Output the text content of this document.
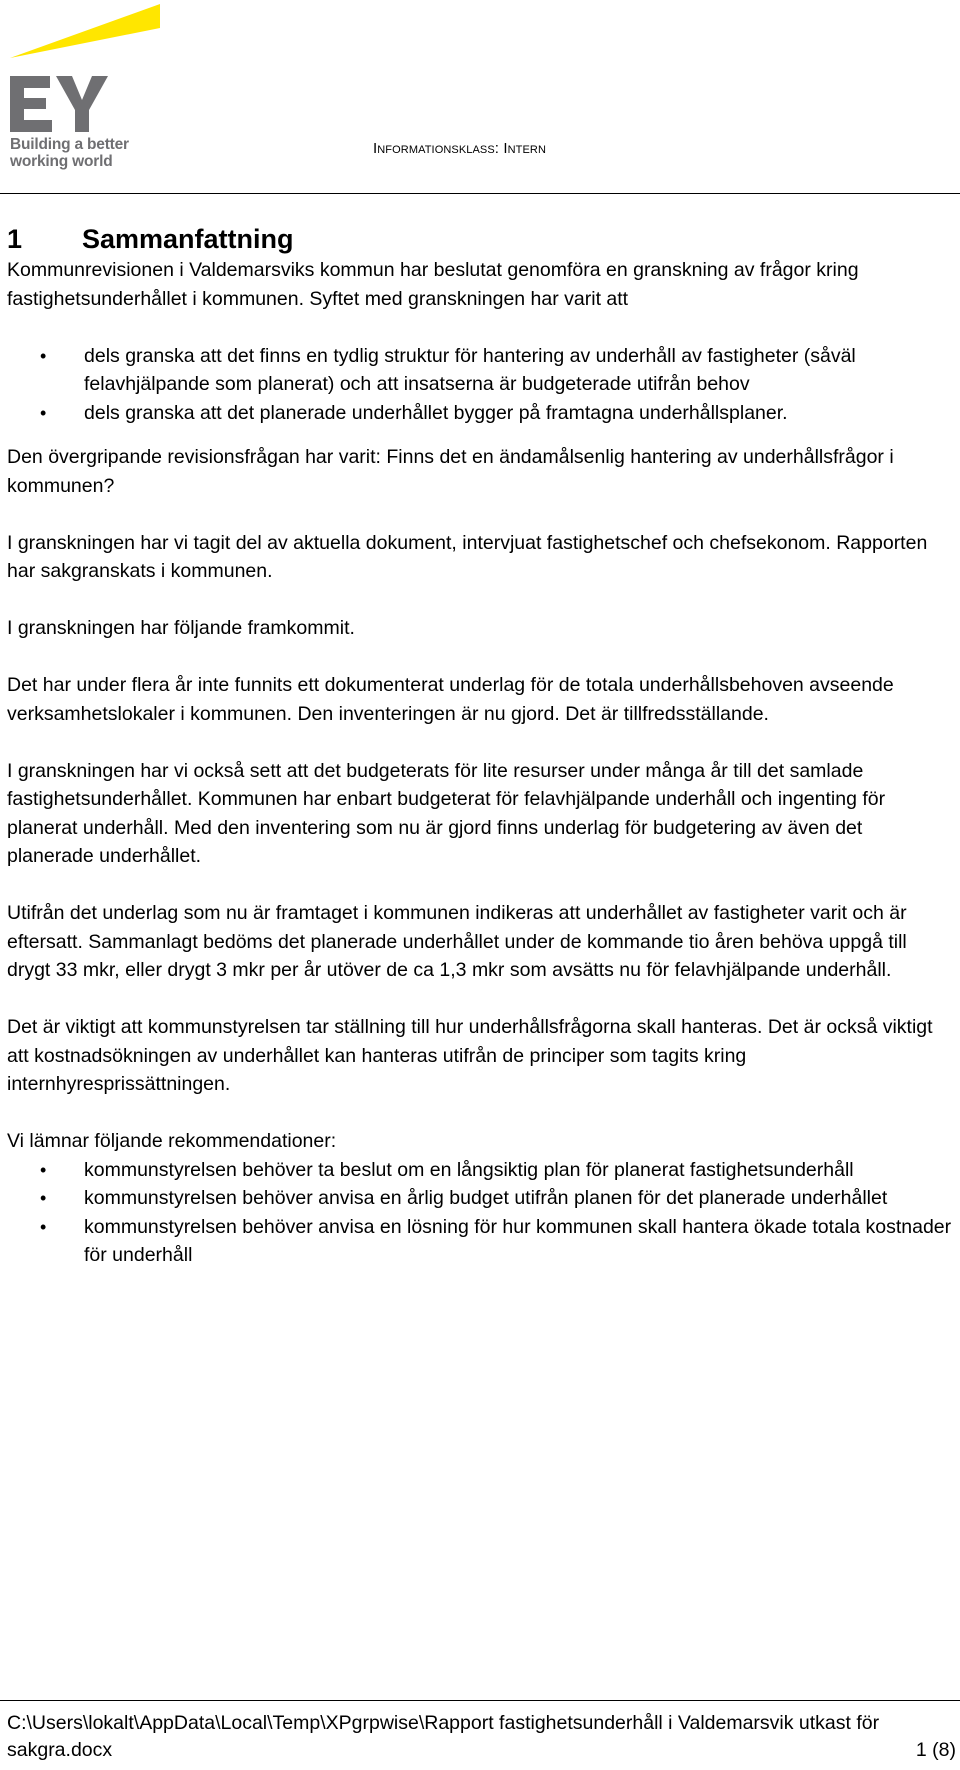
Building a better
working world
Informationsklass: Intern
1 Sammanfattning

Kommunrevisionen i Valdemarsviks kommun har beslutat genomföra en granskning av frågor kring fastighetsunderhållet i kommunen. Syftet med granskningen har varit att

• dels granska att det finns en tydlig struktur för hantering av underhåll av fastigheter (såväl felavhjälpande som planerat) och att insatserna är budgeterade utifrån behov
• dels granska att det planerade underhållet bygger på framtagna underhållsplaner.

Den övergripande revisionsfrågan har varit: Finns det en ändamålsenlig hantering av underhållsfrågor i kommunen?

I granskningen har vi tagit del av aktuella dokument, intervjuat fastighetschef och chefsekonom. Rapporten har sakgranskats i kommunen.

I granskningen har följande framkommit.

Det har under flera år inte funnits ett dokumenterat underlag för de totala underhållsbehoven avseende verksamhetslokaler i kommunen. Den inventeringen är nu gjord. Det är tillfredsställande.

I granskningen har vi också sett att det budgeterats för lite resurser under många år till det samlade fastighetsunderhållet. Kommunen har enbart budgeterat för felavhjälpande underhåll och ingenting för planerat underhåll. Med den inventering som nu är gjord finns underlag för budgetering av även det planerade underhållet.

Utifrån det underlag som nu är framtaget i kommunen indikeras att underhållet av fastigheter varit och är eftersatt. Sammanlagt bedöms det planerade underhållet under de kommande tio åren behöva uppgå till drygt 33 mkr, eller drygt 3 mkr per år utöver de ca 1,3 mkr som avsätts nu för felavhjälpande underhåll.

Det är viktigt att kommunstyrelsen tar ställning till hur underhållsfrågorna skall hanteras. Det är också viktigt att kostnadsökningen av underhållet kan hanteras utifrån de principer som tagits kring internhyresprissättningen.

Vi lämnar följande rekommendationer:

• kommunstyrelsen behöver ta beslut om en långsiktig plan för planerat fastighetsunderhåll
• kommunstyrelsen behöver anvisa en årlig budget utifrån planen för det planerade underhållet
• kommunstyrelsen behöver anvisa en lösning för hur kommunen skall hantera ökade totala kostnader för underhåll
C:\Users\lokalt\AppData\Local\Temp\XPgrpwise\Rapport fastighetsunderhåll i Valdemarsvik utkast för sakgra.docx	1 (8)
